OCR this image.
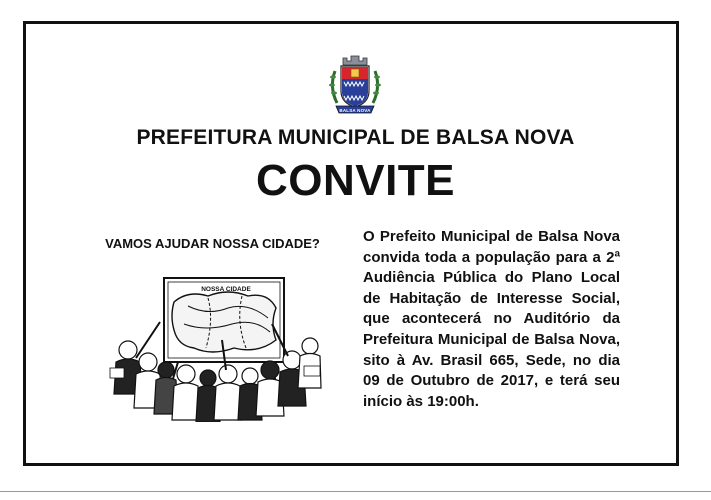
BALSA NOVA
PREFEITURA MUNICIPAL DE BALSA NOVA
CONVITE
VAMOS AJUDAR NOSSA CIDADE?
NOSSA CIDADE
O Prefeito Municipal de Balsa Nova convida toda a população para a 2ª Audiência Pública do Plano Local de Habitação de Interesse Social, que acontecerá no Auditório da Prefeitura Municipal de Balsa Nova, sito à Av. Brasil 665, Sede, no dia 09 de Outubro de 2017, e terá seu início às 19:00h.
